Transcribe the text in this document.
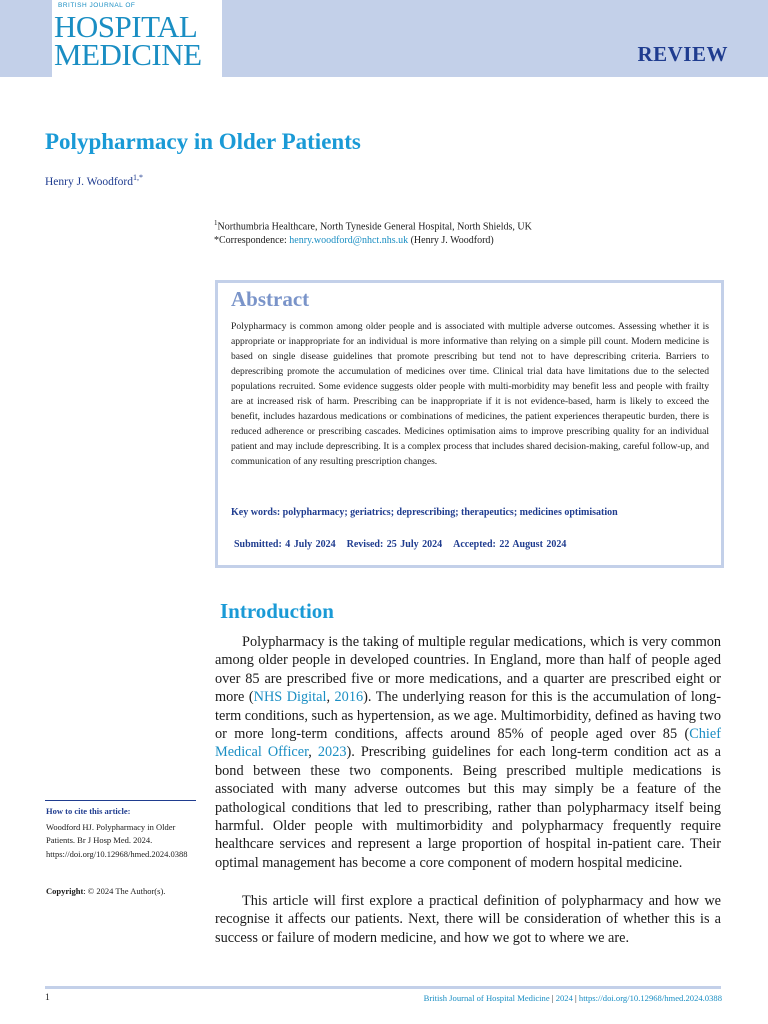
BRITISH JOURNAL OF
HOSPITAL
MEDICINE	REVIEW
Polypharmacy in Older Patients
Henry J. Woodford$^{1,*}$
$^1$Northumbria Healthcare, North Tyneside General Hospital, North Shields, UK
*Correspondence: henry.woodford@nhct.nhs.uk (Henry J. Woodford)
Abstract

Polypharmacy is common among older people and is associated with multiple adverse outcomes. Assessing whether it is appropriate or inappropriate for an individual is more informative than relying on a simple pill count. Modern medicine is based on single disease guidelines that promote prescribing but tend not to have deprescribing criteria. Barriers to deprescribing promote the accumulation of medicines over time. Clinical trial data have limitations due to the selected populations recruited. Some evidence suggests older people with multi-morbidity may benefit less and people with frailty are at increased risk of harm. Prescribing can be inappropriate if it is not evidence-based, harm is likely to exceed the benefit, includes hazardous medications or combinations of medicines, the patient experiences therapeutic burden, there is reduced adherence or prescribing cascades. Medicines optimisation aims to improve prescribing quality for an individual patient and may include deprescribing. It is a complex process that includes shared decision-making, careful follow-up, and communication of any resulting prescription changes.

Key words: polypharmacy; geriatrics; deprescribing; therapeutics; medicines optimisation
Submitted: 4 July 2024 Revised: 25 July 2024 Accepted: 22 August 2024
Introduction

Polypharmacy is the taking of multiple regular medications, which is very common among older people in developed countries. In England, more than half of people aged over 85 are prescribed five or more medications, and a quarter are prescribed eight or more (NHS Digital, 2016). The underlying reason for this is the accumulation of long-term conditions, such as hypertension, as we age. Multimorbidity, defined as having two or more long-term conditions, affects around 85% of people aged over 85 (Chief Medical Officer, 2023). Prescribing guidelines for each long-term condition act as a bond between these two components. Being prescribed multiple medications is associated with many adverse outcomes but this may simply be a feature of the pathological conditions that led to prescribing, rather than polypharmacy itself being harmful. Older people with multimorbidity and polypharmacy frequently require healthcare services and represent a large proportion of hospital in-patient care. Their optimal management has become a core component of modern hospital medicine.

This article will first explore a practical definition of polypharmacy and how we recognise it affects our patients. Next, there will be consideration of whether this is a success or failure of modern medicine, and how we got to where we are.

How to cite this article:
Woodford HJ. Polypharmacy in Older Patients. Br J Hosp Med. 2024. https://doi.org/10.12968/hmed.2024.0388
Copyright: © 2024 The Author(s).
1	British Journal of Hospital Medicine | 2024 | https://doi.org/10.12968/hmed.2024.0388
